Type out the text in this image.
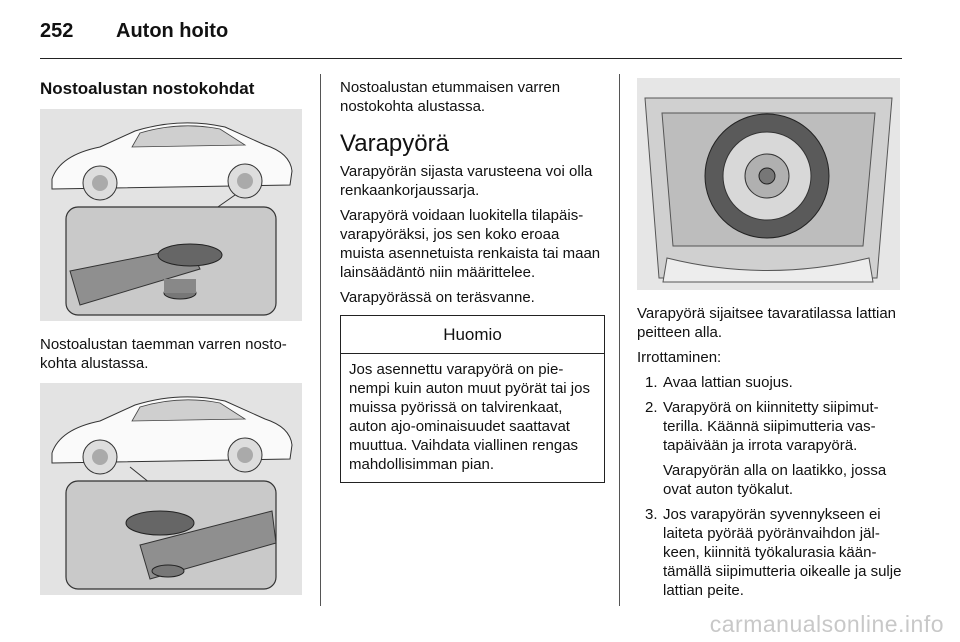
252 Auton hoito
Nostoalustan nostokohdat

Nostoalustan taemman varren nostokohta alustassa.

Nostoalustan etummaisen varren nostokohta alustassa.

Varapyörä

Varapyörän sijasta varusteena voi olla renkaankorjaussarja.

Varapyörä voidaan luokitella tilapäisvarapyöräksi, jos sen koko eroaa muista asennetuista renkaista tai maan lainsäädäntö niin määrittelee.

Varapyörässä on teräsvanne.

Huomio
Jos asennettu varapyörä on pienempi kuin auton muut pyörät tai jos muissa pyörissä on talvirenkaat, auton ajo-ominaisuudet saattavat muuttua. Vaihdata viallinen rengas mahdollisimman pian.

Varapyörä sijaitsee tavaratilassa lattian peitteen alla.

Irrottaminen:

1. Avaa lattian suojus.

2. Varapyörä on kiinnitetty siipimutterilla. Käännä siipimutteria vastapäivään ja irrota varapyörä.

Varapyörän alla on laatikko, jossa ovat auton työkalut.

3. Jos varapyörän syvennykseen ei laiteta pyörää pyöränvaihdon jälkeen, kiinnitä työkalurasia kääntämällä siipimutteria oikealle ja sulje lattian peite.

carmanualsonline.info
